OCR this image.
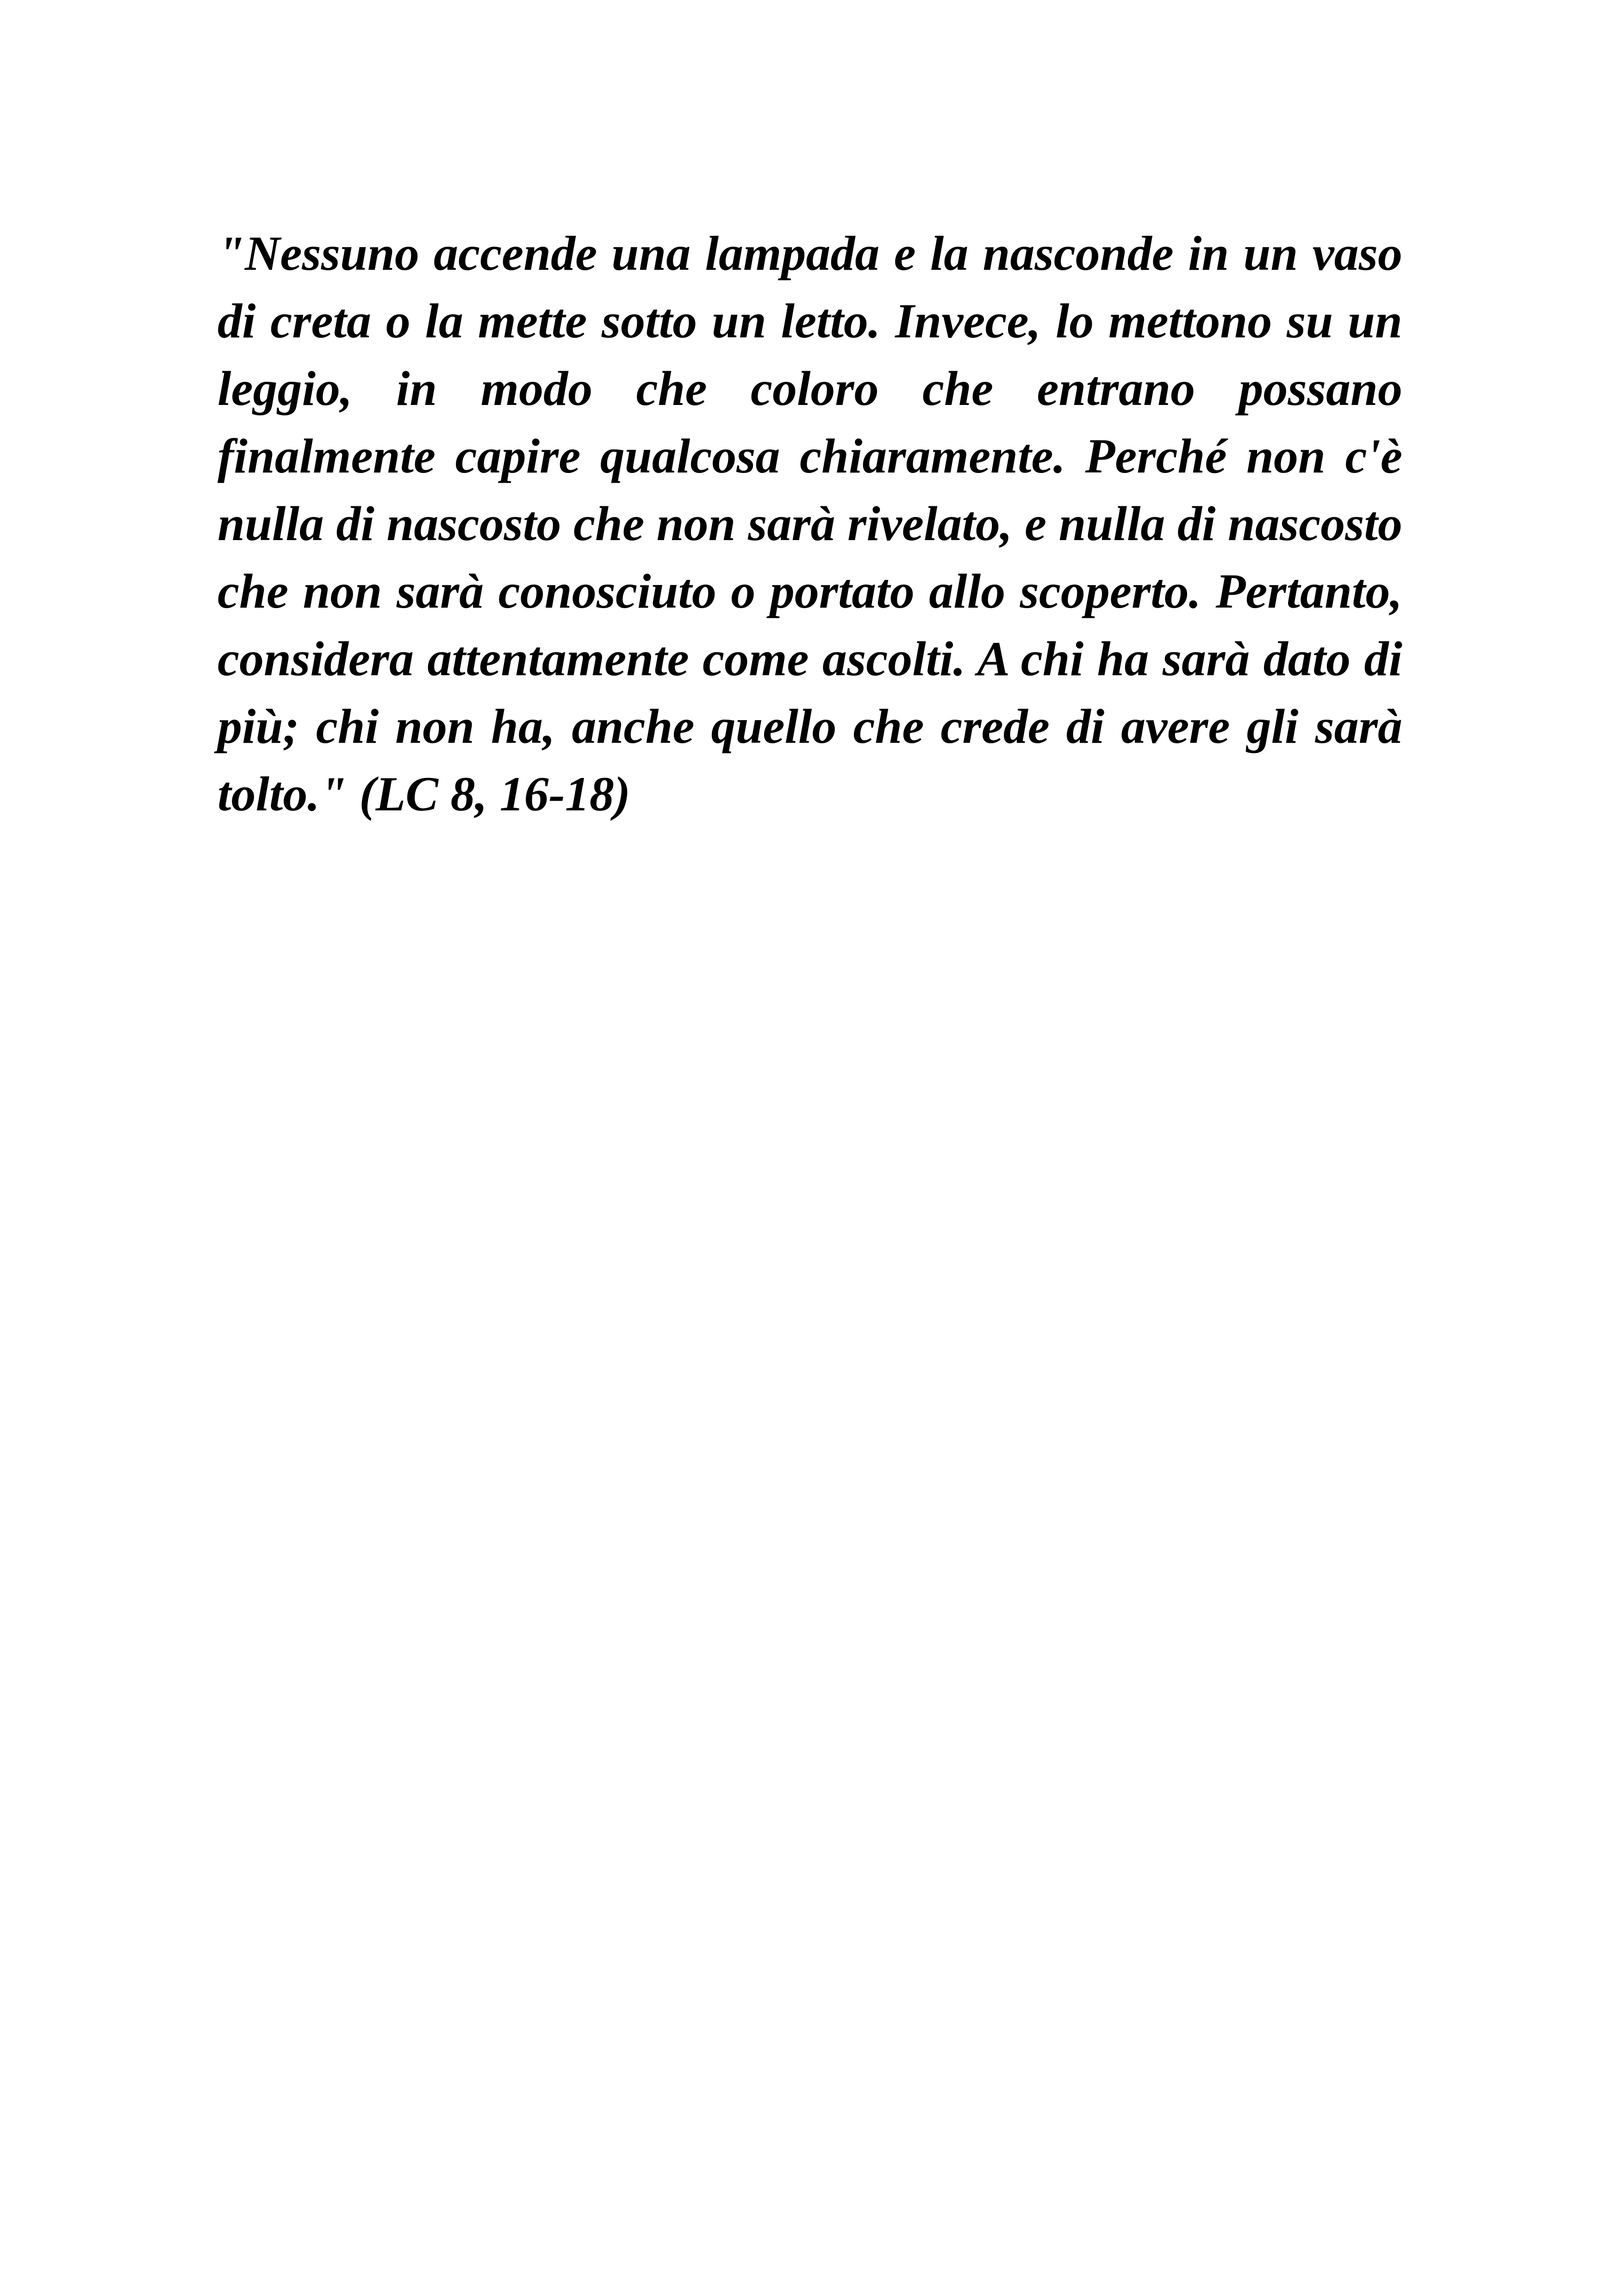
"Nessuno accende una lampada e la nasconde in un vaso di creta o la mette sotto un letto. Invece, lo mettono su un leggio, in modo che coloro che entrano possano finalmente capire qualcosa chiaramente. Perché non c'è nulla di nascosto che non sarà rivelato, e nulla di nascosto che non sarà conosciuto o portato allo scoperto. Pertanto, considera attentamente come ascolti. A chi ha sarà dato di più; chi non ha, anche quello che crede di avere gli sarà tolto." (LC 8, 16-18)
